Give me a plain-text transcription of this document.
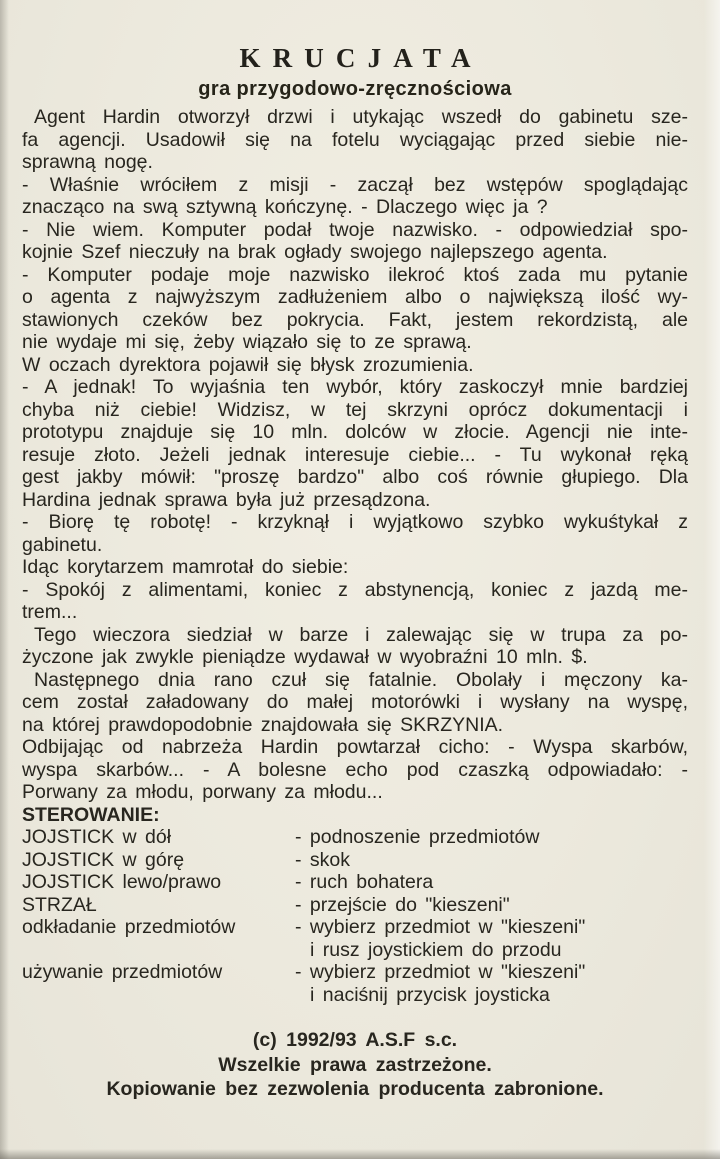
KRUCJATA
gra przygodowo-zręcznościowa
Agent Hardin otworzył drzwi i utykając wszedł do gabinetu sze-
fa agencji. Usadowił się na fotelu wyciągając przed siebie nie-
sprawną nogę.
- Właśnie wróciłem z misji - zaczął bez wstępów spoglądając
znacząco na swą sztywną kończynę. - Dlaczego więc ja ?
- Nie wiem. Komputer podał twoje nazwisko. - odpowiedział spo-
kojnie Szef nieczuły na brak ogłady swojego najlepszego agenta.
- Komputer podaje moje nazwisko ilekroć ktoś zada mu pytanie
o agenta z najwyższym zadłużeniem albo o największą ilość wy-
stawionych czeków bez pokrycia. Fakt, jestem rekordzistą, ale
nie wydaje mi się, żeby wiązało się to ze sprawą.
W oczach dyrektora pojawił się błysk zrozumienia.
- A jednak! To wyjaśnia ten wybór, który zaskoczył mnie bardziej
chyba niż ciebie! Widzisz, w tej skrzyni oprócz dokumentacji i
prototypu znajduje się 10 mln. dolców w złocie. Agencji nie inte-
resuje złoto. Jeżeli jednak interesuje ciebie... - Tu wykonał ręką
gest jakby mówił: "proszę bardzo" albo coś równie głupiego. Dla
Hardina jednak sprawa była już przesądzona.
- Biorę tę robotę! - krzyknął i wyjątkowo szybko wykuśtykał z
gabinetu.
Idąc korytarzem mamrotał do siebie:
- Spokój z alimentami, koniec z abstynencją, koniec z jazdą me-
trem...
Tego wieczora siedział w barze i zalewając się w trupa za po-
życzone jak zwykle pieniądze wydawał w wyobraźni 10 mln. $.
Następnego dnia rano czuł się fatalnie. Obolały i męczony ka-
cem został załadowany do małej motorówki i wysłany na wyspę,
na której prawdopodobnie znajdowała się SKRZYNIA.
Odbijając od nabrzeża Hardin powtarzał cicho: - Wyspa skarbów,
wyspa skarbów... - A bolesne echo pod czaszką odpowiadało: -
Porwany za młodu, porwany za młodu...
STEROWANIE:
JOJSTICK w dół	- podnoszenie przedmiotów
JOJSTICK w górę	- skok
JOJSTICK lewo/prawo	- ruch bohatera
STRZAŁ	- przejście do "kieszeni"
odkładanie przedmiotów	- wybierz przedmiot w "kieszeni"
i rusz joystickiem do przodu
używanie przedmiotów	- wybierz przedmiot w "kieszeni"
i naciśnij przycisk joysticka
(c) 1992/93 A.S.F s.c.
Wszelkie prawa zastrzeżone.
Kopiowanie bez zezwolenia producenta zabronione.
